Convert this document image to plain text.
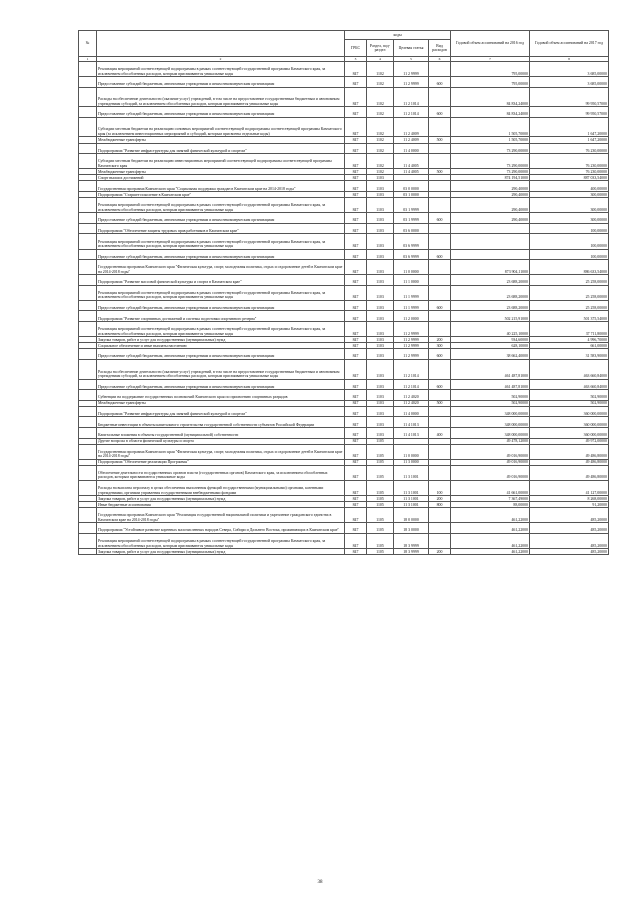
№		коды				Годовой объем ассигнований на 2016 год	Годовой объем ассигнований на 2017 год
		ГРБС	Раздел, под-раздел	Целевая статья	Вид расходов		
1	2	3	4	5	6	7	8
	Реализация мероприятий соответствующей подпрограммы в рамках соответствующей государственной программы Камчатского края, за исключением обособленных расходов, которым присваиваются уникальные коды	847	1102	11 2 9999		795,00000	3 685,00000
	Предоставление субсидий бюджетным, автономным учреждениям и иным некоммерческим организациям	847	1102	11 2 9999	600	795,00000	3 685,00000
	Расходы на обеспечение деятельности (оказание услуг) учреждений, в том числе на предоставление государственным бюджетным и автономным учреждениям субсидий, за исключением обособленных расходов, которым присваиваются уникальные коды	847	1102	11 2 1014		84 834,24000	99 950,57000
	Предоставление субсидий бюджетным, автономным учреждениям и иным некоммерческим организациям	847	1102	11 2 1014	600	84 834,24000	99 950,57000
	Субсидии местным бюджетам на реализацию основных мероприятий соответствующей подпрограммы соответствующей программы Камчатского края (за исключением инвестиционных мероприятий и субсидий, которым присвоены отдельные коды)	847	1102	11 2 4009		1 505,70000	1 647,20000
	Межбюджетные трансферты	847	1102	11 2 4009	500	1 505,70000	1 647,20000
	Подпрограмма "Развитие инфраструктуры для занятий физической культурой и спортом"	847	1102	11 4 0000		73 290,00000	76 230,00000
	Субсидии местным бюджетам на реализацию инвестиционных мероприятий соответствующей подпрограммы соответствующей программы Камчатского края	847	1102	11 4 4005		73 290,00000	76 230,00000
	Межбюджетные трансферты	847	1102	11 4 4005	500	73 290,00000	76 230,00000
	Спорт высших достижений	847	1103			874 194,51000	887 033,54000
	Государственная программа Камчатского края "Социальная поддержка граждан в Камчатском крае на 2014-2018 годы"	847	1103	03 0 0000		290,40000	400,00000
	Подпрограмма "Старшее поколение в Камчатском крае"	847	1103	03 1 0000		290,40000	300,00000
	Реализация мероприятий соответствующей подпрограммы в рамках соответствующей государственной программы Камчатского края, за исключением обособленных расходов, которым присваиваются уникальные коды	847	1103	03 1 9999		290,40000	300,00000
	Предоставление субсидий бюджетным, автономным учреждениям и иным некоммерческим организациям	847	1103	03 1 9999	600	290,40000	300,00000
	Подпрограмма "Обеспечение защиты трудовых прав работников в Камчатском крае"	847	1103	03 6 0000			100,00000
	Реализация мероприятий соответствующей подпрограммы в рамках соответствующей государственной программы Камчатского края, за исключением обособленных расходов, которым присваиваются уникальные коды	847	1103	03 6 9999			100,00000
	Предоставление субсидий бюджетным, автономным учреждениям и иным некоммерческим организациям	847	1103	03 6 9999	600		100,00000
	Государственная программа Камчатского края "Физическая культура, спорт, молодежная политика, отдых и оздоровление детей в Камчатском крае на 2014-2018 годы"	847	1103	11 0 0000		873 904,11000	886 633,54000
	Подпрограмма "Развитие массовой физической культуры и спорта в Камчатском крае"	847	1103	11 1 0000		23 688,20000	25 258,00000
	Реализация мероприятий соответствующей подпрограммы в рамках соответствующей государственной программы Камчатского края, за исключением обособленных расходов, которым присваиваются уникальные коды	847	1103	11 1 9999		23 688,20000	25 258,00000
	Предоставление субсидий бюджетным, автономным учреждениям и иным некоммерческим организациям	847	1103	11 1 9999	600	23 688,20000	25 258,00000
	Подпрограмма "Развитие спортивных достижений и системы подготовки спортивного резерва"	847	1103	11 2 0000		502 215,91000	501 375,54000
	Реализация мероприятий соответствующей подпрограммы в рамках соответствующей государственной программы Камчатского края, за исключением обособленных расходов, которым присваиваются уникальные коды	847	1103	11 2 9999		40 225,10000	37 711,80000
	Закупка товаров, работ и услуг для государственных (муниципальных) нужд	847	1103	11 2 9999	200	934,60000	4 996,70000
	Социальное обеспечение и иные выплаты населению	847	1103	11 2 9999	300	628,10000	661,00000
	Предоставление субсидий бюджетным, автономным учреждениям и иным некоммерческим организациям	847	1103	11 2 9999	600	38 662,40000	31 583,90000
	Расходы на обеспечение деятельности (оказание услуг) учреждений, в том числе на предоставление государственным бюджетным и автономным учреждениям субсидий, за исключением обособленных расходов, которым присваиваются уникальные коды	847	1103	11 2 1014		461 487,81000	463 660,84000
	Предоставление субсидий бюджетным, автономным учреждениям и иным некоммерческим организациям	847	1103	11 2 1014	600	461 487,81000	463 660,84000
	Субвенции на поддержание государственных полномочий Камчатского края по присвоению спортивных разрядов	847	1103	11 2 4020		502,90000	502,90000
	Межбюджетные трансферты	847	1103	11 2 4020	500	502,90000	502,90000
	Подпрограмма "Развитие инфраструктуры для занятий физической культурой и спортом"	847	1103	11 4 0000		348 000,00000	360 000,00000
	Бюджетные инвестиции в объекты капитального строительства государственной собственности субъектов Российской Федерации	847	1103	11 4 1013		348 000,00000	360 000,00000
	Капитальные вложения в объекты государственной (муниципальной) собственности	847	1103	11 4 1013	400	348 000,00000	360 000,00000
	Другие вопросы в области физической культуры и спорта	847	1105			49 478,12000	49 972,00000
	Государственная программа Камчатского края "Физическая культура, спорт, молодежная политика, отдых и оздоровление детей в Камчатском крае на 2014-2018 годы"	847	1105	11 0 0000		49 016,90000	49 486,80000
	Подпрограмма "Обеспечение реализации Программы"	847	1105	11 3 0000		49 016,90000	49 486,80000
	Обеспечение деятельности государственных органов власти (государственных органов) Камчатского края, за исключением обособленных расходов, которым присваиваются уникальные коды	847	1105	11 3 1001		49 016,90000	49 486,80000
	Расходы на выплаты персоналу в целях обеспечения выполнения функций государственными (муниципальными) органами, казенными учреждениями, органами управления государственными внебюджетными фондами	847	1105	11 3 1001	100	41 661,00000	41 127,00000
	Закупка товаров, работ и услуг для государственных (муниципальных) нужд	847	1105	11 3 1001	200	7 367,49000	8 268,00000
	Иные бюджетные ассигнования	847	1105	11 3 1001	800	88,00000	91,20000
	Государственная программа Камчатского края "Реализация государственной национальной политики и укрепление гражданского единства в Камчатском крае на 2014-2018 годы"	847	1105	18 0 0000		461,22000	485,20000
	Подпрограмма "Устойчивое развитие коренных малочисленных народов Севера, Сибири и Дальнего Востока, проживающих в Камчатском крае"	847	1105	18 3 0000		461,22000	485,20000
	Реализация мероприятий соответствующей подпрограммы в рамках соответствующей государственной программы Камчатского края, за исключением обособленных расходов, которым присваиваются уникальные коды	847	1105	18 3 9999		461,22000	485,20000
	Закупка товаров, работ и услуг для государственных (муниципальных) нужд	847	1105	18 3 9999	200	461,22000	485,20000
38
